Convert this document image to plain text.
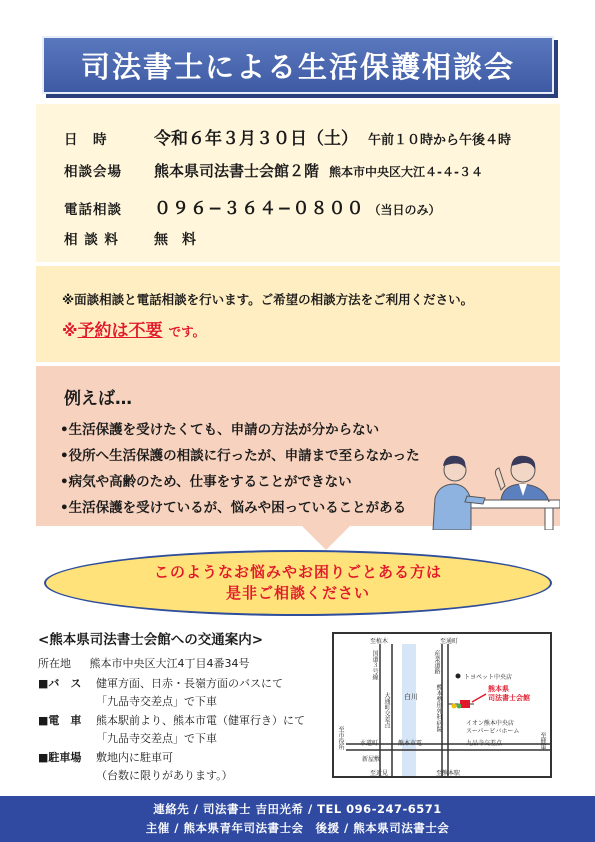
司法書士による生活保護相談会
日　時	令和６年３月３０日（土） 午前１０時から午後４時
相談会場	熊本県司法書士会館２階 熊本市中央区大江４-４-３４
電話相談	０９６−３６４−０８００ （当日のみ）
相 談 料	無　料
※面談相談と電話相談を行います。ご希望の相談方法をご利用ください。
※ 予約は不要 です。
例えば…
•生活保護を受けたくても、申請の方法が分からない
•役所へ生活保護の相談に行ったが、申請まで至らなかった
•病気や高齢のため、仕事をすることができない
•生活保護を受けているが、悩みや困っていることがある
このようなお悩みやお困りごとある方は
是非ご相談ください
<熊本県司法書士会館への交通案内>
所在地 熊本市中央区大江4丁目4番34号
■バ　ス 健軍方面、日赤・長嶺方面のバスにて
「九品寺交差点」で下車
■電　車 熊本駅前より、熊本市電（健軍行き）にて
「九品寺交差点」で下車
■駐車場 敷地内に駐車可
（台数に限りがあります。）
至植木	至通町
国道３号線	産業道路
大通町交差点 白川	熊本整形外科病院
トヨペット中央店
熊本県
司法書士会館
イオン熊本中央店
スーパービバホーム
至市役所	水道町	熊本市電	九品寺交差点	至健軍
新屋敷
至近見	至熊本駅
連絡先 / 司法書士 吉田光希 / TEL 096-247-6571
主催 / 熊本県青年司法書士会　後援 / 熊本県司法書士会
